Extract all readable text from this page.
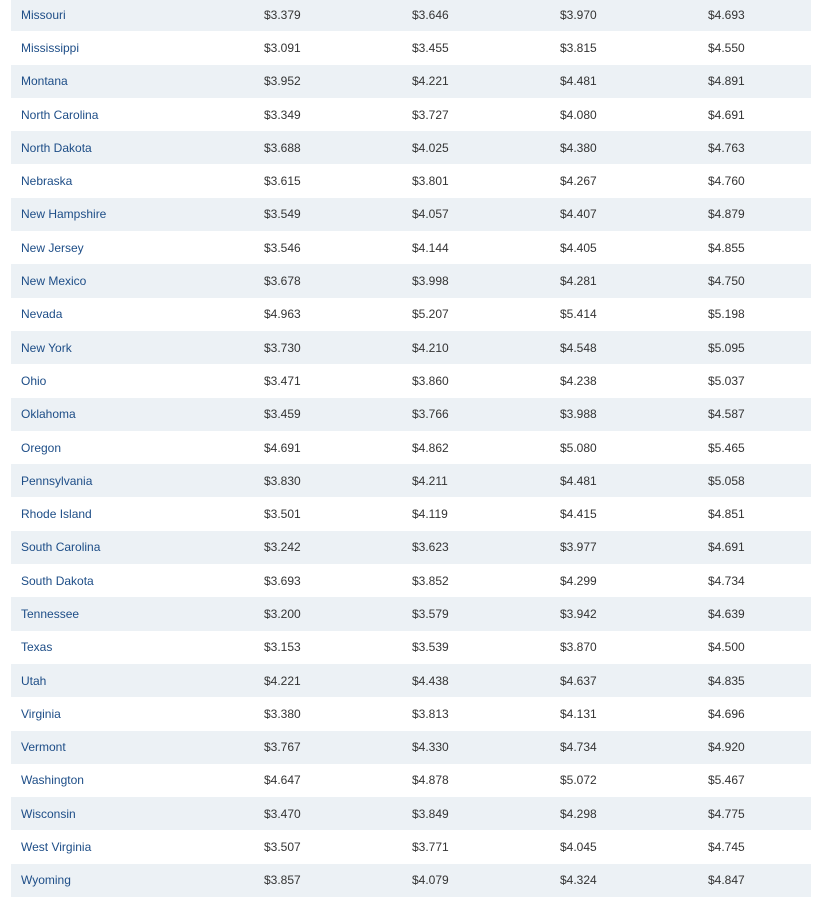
Missouri	$3.379	$3.646	$3.970	$4.693
Mississippi	$3.091	$3.455	$3.815	$4.550
Montana	$3.952	$4.221	$4.481	$4.891
North Carolina	$3.349	$3.727	$4.080	$4.691
North Dakota	$3.688	$4.025	$4.380	$4.763
Nebraska	$3.615	$3.801	$4.267	$4.760
New Hampshire	$3.549	$4.057	$4.407	$4.879
New Jersey	$3.546	$4.144	$4.405	$4.855
New Mexico	$3.678	$3.998	$4.281	$4.750
Nevada	$4.963	$5.207	$5.414	$5.198
New York	$3.730	$4.210	$4.548	$5.095
Ohio	$3.471	$3.860	$4.238	$5.037
Oklahoma	$3.459	$3.766	$3.988	$4.587
Oregon	$4.691	$4.862	$5.080	$5.465
Pennsylvania	$3.830	$4.211	$4.481	$5.058
Rhode Island	$3.501	$4.119	$4.415	$4.851
South Carolina	$3.242	$3.623	$3.977	$4.691
South Dakota	$3.693	$3.852	$4.299	$4.734
Tennessee	$3.200	$3.579	$3.942	$4.639
Texas	$3.153	$3.539	$3.870	$4.500
Utah	$4.221	$4.438	$4.637	$4.835
Virginia	$3.380	$3.813	$4.131	$4.696
Vermont	$3.767	$4.330	$4.734	$4.920
Washington	$4.647	$4.878	$5.072	$5.467
Wisconsin	$3.470	$3.849	$4.298	$4.775
West Virginia	$3.507	$3.771	$4.045	$4.745
Wyoming	$3.857	$4.079	$4.324	$4.847
